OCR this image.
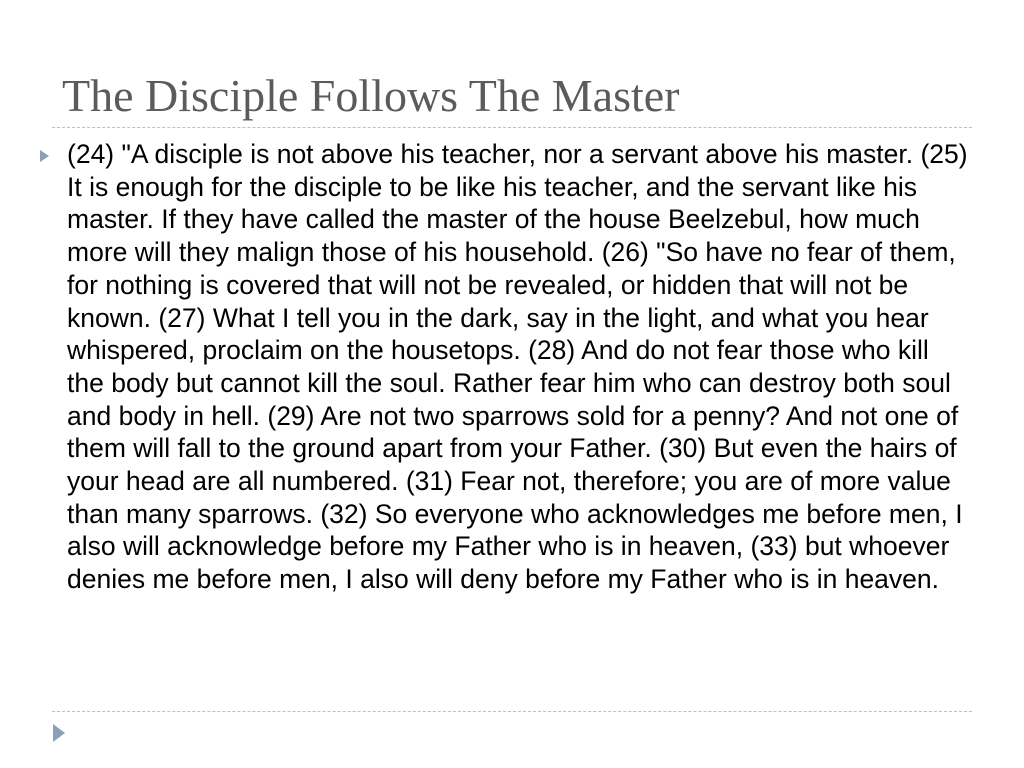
The Disciple Follows The Master

(24) "A disciple is not above his teacher, nor a servant above his master. (25) It is enough for the disciple to be like his teacher, and the servant like his master. If they have called the master of the house Beelzebul, how much more will they malign those of his household. (26) "So have no fear of them, for nothing is covered that will not be revealed, or hidden that will not be known. (27) What I tell you in the dark, say in the light, and what you hear whispered, proclaim on the housetops. (28) And do not fear those who kill the body but cannot kill the soul. Rather fear him who can destroy both soul and body in hell. (29) Are not two sparrows sold for a penny? And not one of them will fall to the ground apart from your Father. (30) But even the hairs of your head are all numbered. (31) Fear not, therefore; you are of more value than many sparrows. (32) So everyone who acknowledges me before men, I also will acknowledge before my Father who is in heaven, (33) but whoever denies me before men, I also will deny before my Father who is in heaven.
